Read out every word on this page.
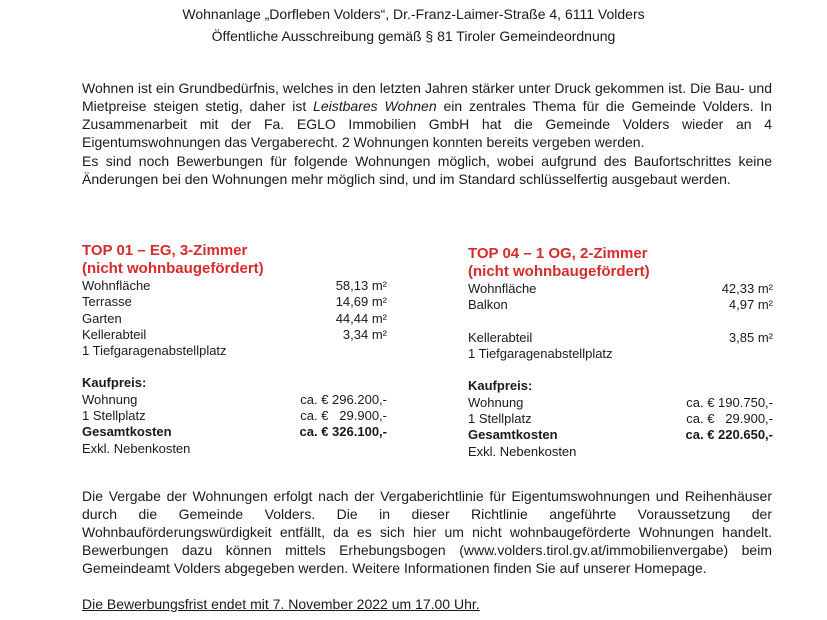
Wohnanlage „Dorfleben Volders“, Dr.-Franz-Laimer-Straße 4, 6111 Volders
Öffentliche Ausschreibung gemäß § 81 Tiroler Gemeindeordnung
Wohnen ist ein Grundbedürfnis, welches in den letzten Jahren stärker unter Druck gekommen ist. Die Bau- und Mietpreise steigen stetig, daher ist Leistbares Wohnen ein zentrales Thema für die Gemeinde Volders. In Zusammenarbeit mit der Fa. EGLO Immobilien GmbH hat die Gemeinde Volders wieder an 4 Eigentumswohnungen das Vergaberecht. 2 Wohnungen konnten bereits vergeben werden.
Es sind noch Bewerbungen für folgende Wohnungen möglich, wobei aufgrund des Baufortschrittes keine Änderungen bei den Wohnungen mehr möglich sind, und im Standard schlüsselfertig ausgebaut werden.
TOP 01 – EG, 3-Zimmer
(nicht wohnbaugefördert)
Wohnfläche	58,13 m²
Terrasse	14,69 m²
Garten	44,44 m²
Kellerabteil	3,34 m²
1 Tiefgaragenabstellplatz
Kaufpreis:
Wohnung	ca. € 296.200,-
1 Stellplatz	ca. €   29.900,-
Gesamtkosten	ca. € 326.100,-
Exkl. Nebenkosten
TOP 04 – 1 OG, 2-Zimmer
(nicht wohnbaugefördert)
Wohnfläche	42,33 m²
Balkon	4,97 m²
Kellerabteil	3,85 m²
1 Tiefgaragenabstellplatz
Kaufpreis:
Wohnung	ca. € 190.750,-
1 Stellplatz	ca. €   29.900,-
Gesamtkosten	ca. € 220.650,-
Exkl. Nebenkosten
Die Vergabe der Wohnungen erfolgt nach der Vergaberichtlinie für Eigentumswohnungen und Reihenhäuser durch die Gemeinde Volders. Die in dieser Richtlinie angeführte Voraussetzung der Wohnbauförderungswürdigkeit entfällt, da es sich hier um nicht wohnbaugeförderte Wohnungen handelt. Bewerbungen dazu können mittels Erhebungsbogen (www.volders.tirol.gv.at/immobilienvergabe) beim Gemeindeamt Volders abgegeben werden. Weitere Informationen finden Sie auf unserer Homepage.
Die Bewerbungsfrist endet mit 7. November 2022 um 17.00 Uhr.
